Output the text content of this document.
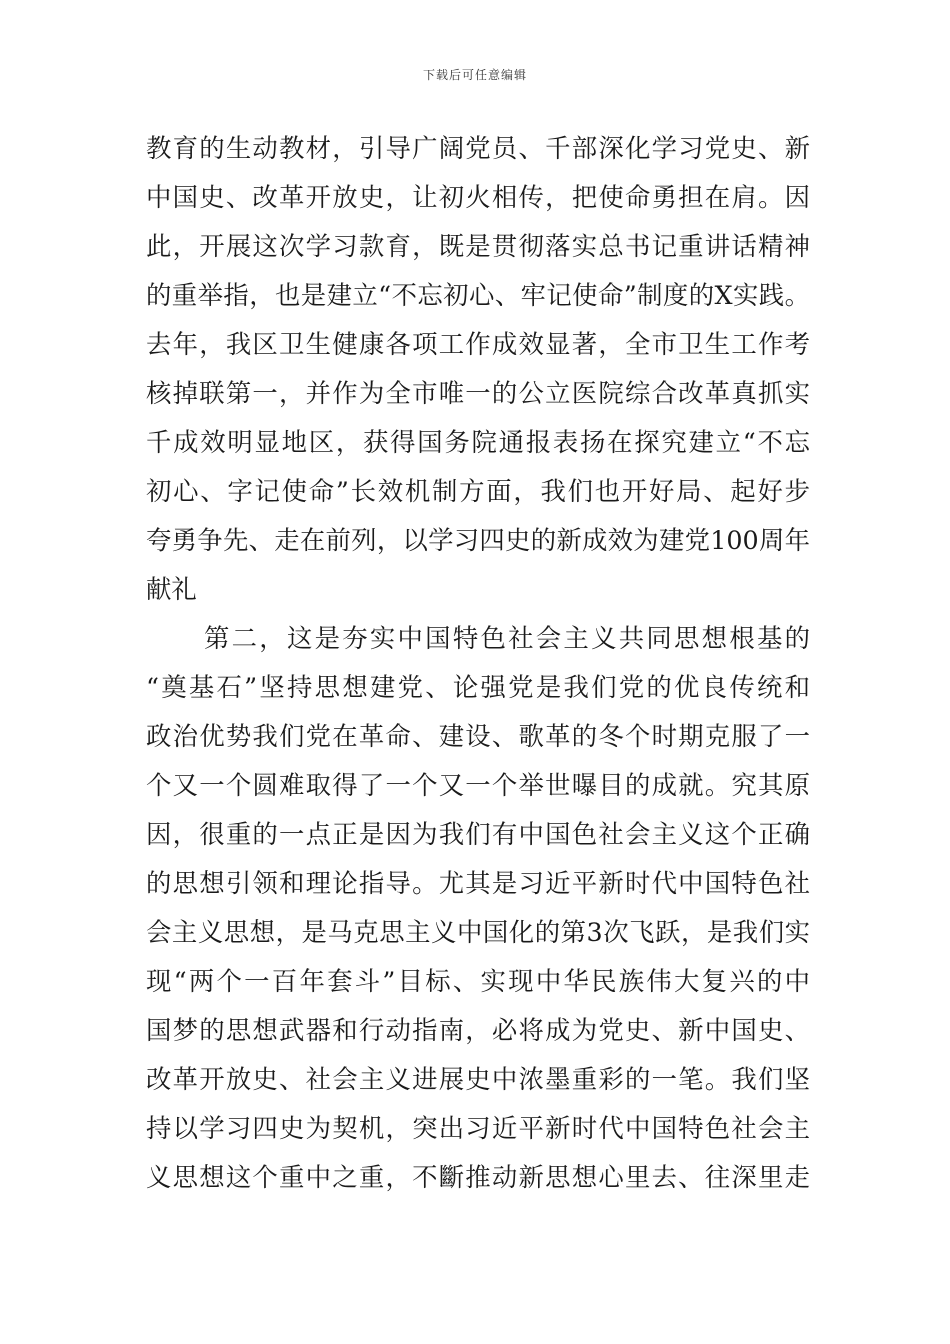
下载后可任意编辑
教育的生动教材，引导广阔党员、千部深化学习党史、新
中国史、改革开放史，让初火相传，把使命勇担在肩。因
此，开展这次学习款育，既是贯彻落实总书记重讲话精神
的重举指，也是建立“不忘初心、牢记使命”制度的X实践。
去年，我区卫生健康各项工作成效显著，全市卫生工作考
核掉联第一，并作为全市唯一的公立医院综合改革真抓实
千成效明显地区，获得国务院通报表扬在探究建立“不忘
初心、字记使命”长效机制方面，我们也开好局、起好步
夸勇争先、走在前列，以学习四史的新成效为建党100周年
献礼
第二，这是夯实中国特色社会主义共同思想根基的
“奠基石”坚持思想建党、论强党是我们党的优良传统和
政治优势我们党在革命、建设、歌革的冬个时期克服了一
个又一个圆难取得了一个又一个举世曝目的成就。究其原
因，很重的一点正是因为我们有中国色社会主义这个正确
的思想引领和理论指导。尤其是习近平新时代中国特色社
会主义思想，是马克思主义中国化的第3次飞跃，是我们实
现“两个一百年套斗”目标、实现中华民族伟大复兴的中
国梦的思想武器和行动指南，必将成为党史、新中国史、
改革开放史、社会主义进展史中浓墨重彩的一笔。我们坚
持以学习四史为契机，突出习近平新时代中国特色社会主
义思想这个重中之重，不斷推动新思想心里去、往深里走
